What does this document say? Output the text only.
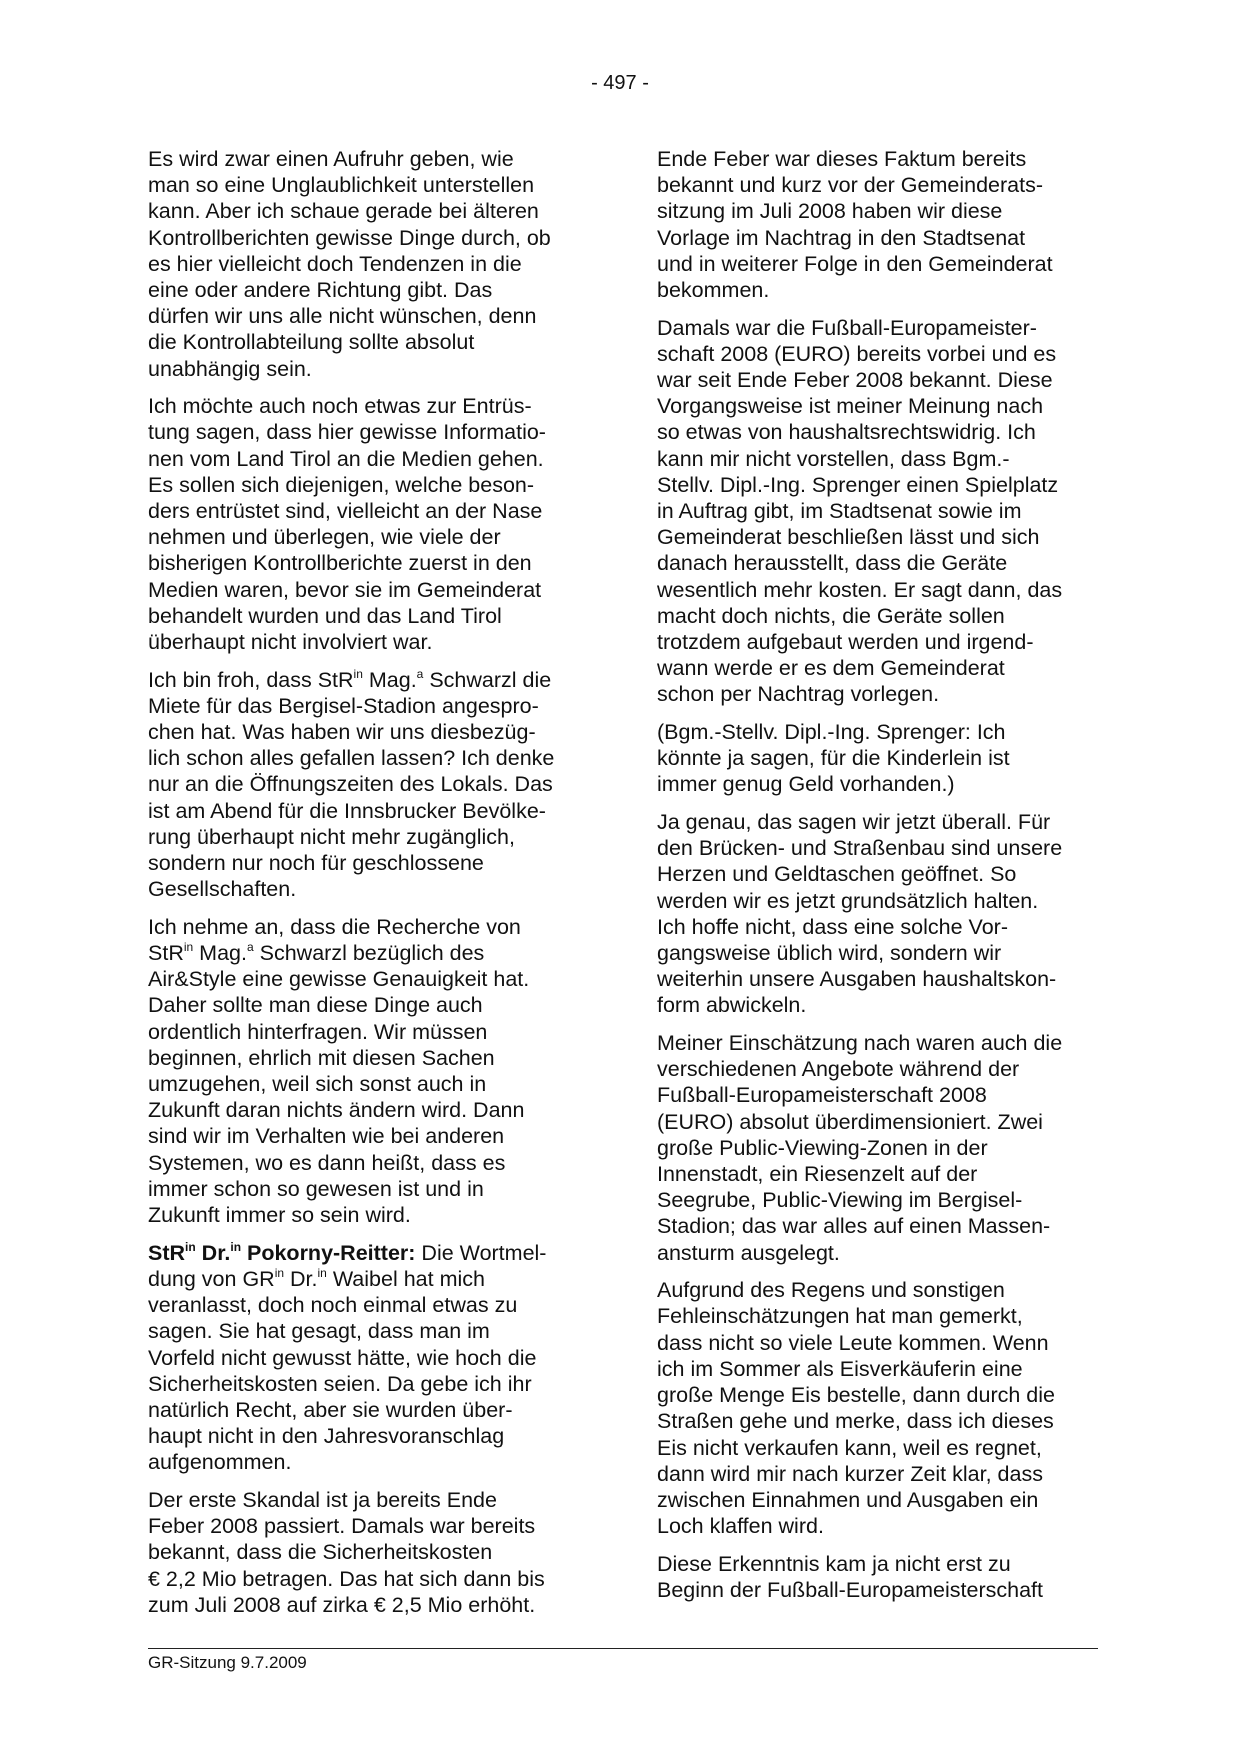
- 497 -

Es wird zwar einen Aufruhr geben, wie
man so eine Unglaublichkeit unterstellen
kann. Aber ich schaue gerade bei älteren
Kontrollberichten gewisse Dinge durch, ob
es hier vielleicht doch Tendenzen in die
eine oder andere Richtung gibt. Das
dürfen wir uns alle nicht wünschen, denn
die Kontrollabteilung sollte absolut
unabhängig sein.

Ich möchte auch noch etwas zur Entrüs-
tung sagen, dass hier gewisse Informatio-
nen vom Land Tirol an die Medien gehen.
Es sollen sich diejenigen, welche beson-
ders entrüstet sind, vielleicht an der Nase
nehmen und überlegen, wie viele der
bisherigen Kontrollberichte zuerst in den
Medien waren, bevor sie im Gemeinderat
behandelt wurden und das Land Tirol
überhaupt nicht involviert war.

Ich bin froh, dass StR$^{in}$ Mag.$^a$ Schwarzl die
Miete für das Bergisel-Stadion angespro-
chen hat. Was haben wir uns diesbezüg-
lich schon alles gefallen lassen? Ich denke
nur an die Öffnungszeiten des Lokals. Das
ist am Abend für die Innsbrucker Bevölke-
rung überhaupt nicht mehr zugänglich,
sondern nur noch für geschlossene
Gesellschaften.

Ich nehme an, dass die Recherche von
StR$^{in}$ Mag.$^a$ Schwarzl bezüglich des
Air&Style eine gewisse Genauigkeit hat.
Daher sollte man diese Dinge auch
ordentlich hinterfragen. Wir müssen
beginnen, ehrlich mit diesen Sachen
umzugehen, weil sich sonst auch in
Zukunft daran nichts ändern wird. Dann
sind wir im Verhalten wie bei anderen
Systemen, wo es dann heißt, dass es
immer schon so gewesen ist und in
Zukunft immer so sein wird.

StR$^{in}$ Dr.$^{in}$ Pokorny-Reitter: Die Wortmel-
dung von $GR^{in}$ Dr.$^{in}$ Waibel hat mich
veranlasst, doch noch einmal etwas zu
sagen. Sie hat gesagt, dass man im
Vorfeld nicht gewusst hätte, wie hoch die
Sicherheitskosten seien. Da gebe ich ihr
natürlich Recht, aber sie wurden über-
haupt nicht in den Jahresvoranschlag
aufgenommen.

Der erste Skandal ist ja bereits Ende
Feber 2008 passiert. Damals war bereits
bekannt, dass die Sicherheitskosten
€ 2,2 Mio betragen. Das hat sich dann bis
zum Juli 2008 auf zirka € 2,5 Mio erhöht.

Ende Feber war dieses Faktum bereits
bekannt und kurz vor der Gemeinderats-
sitzung im Juli 2008 haben wir diese
Vorlage im Nachtrag in den Stadtsenat
und in weiterer Folge in den Gemeinderat
bekommen.

Damals war die Fußball-Europameister-
schaft 2008 (EURO) bereits vorbei und es
war seit Ende Feber 2008 bekannt. Diese
Vorgangsweise ist meiner Meinung nach
so etwas von haushaltsrechtswidrig. Ich
kann mir nicht vorstellen, dass Bgm.-
Stellv. Dipl.-Ing. Sprenger einen Spielplatz
in Auftrag gibt, im Stadtsenat sowie im
Gemeinderat beschließen lässt und sich
danach herausstellt, dass die Geräte
wesentlich mehr kosten. Er sagt dann, das
macht doch nichts, die Geräte sollen
trotzdem aufgebaut werden und irgend-
wann werde er es dem Gemeinderat
schon per Nachtrag vorlegen.

(Bgm.-Stellv. Dipl.-Ing. Sprenger: Ich
könnte ja sagen, für die Kinderlein ist
immer genug Geld vorhanden.)

Ja genau, das sagen wir jetzt überall. Für
den Brücken- und Straßenbau sind unsere
Herzen und Geldtaschen geöffnet. So
werden wir es jetzt grundsätzlich halten.
Ich hoffe nicht, dass eine solche Vor-
gangsweise üblich wird, sondern wir
weiterhin unsere Ausgaben haushaltskon-
form abwickeln.

Meiner Einschätzung nach waren auch die
verschiedenen Angebote während der
Fußball-Europameisterschaft 2008
(EURO) absolut überdimensioniert. Zwei
große Public-Viewing-Zonen in der
Innenstadt, ein Riesenzelt auf der
Seegrube, Public-Viewing im Bergisel-
Stadion; das war alles auf einen Massen-
ansturm ausgelegt.

Aufgrund des Regens und sonstigen
Fehleinschätzungen hat man gemerkt,
dass nicht so viele Leute kommen. Wenn
ich im Sommer als Eisverkäuferin eine
große Menge Eis bestelle, dann durch die
Straßen gehe und merke, dass ich dieses
Eis nicht verkaufen kann, weil es regnet,
dann wird mir nach kurzer Zeit klar, dass
zwischen Einnahmen und Ausgaben ein
Loch klaffen wird.

Diese Erkenntnis kam ja nicht erst zu
Beginn der Fußball-Europameisterschaft

GR-Sitzung 9.7.2009
